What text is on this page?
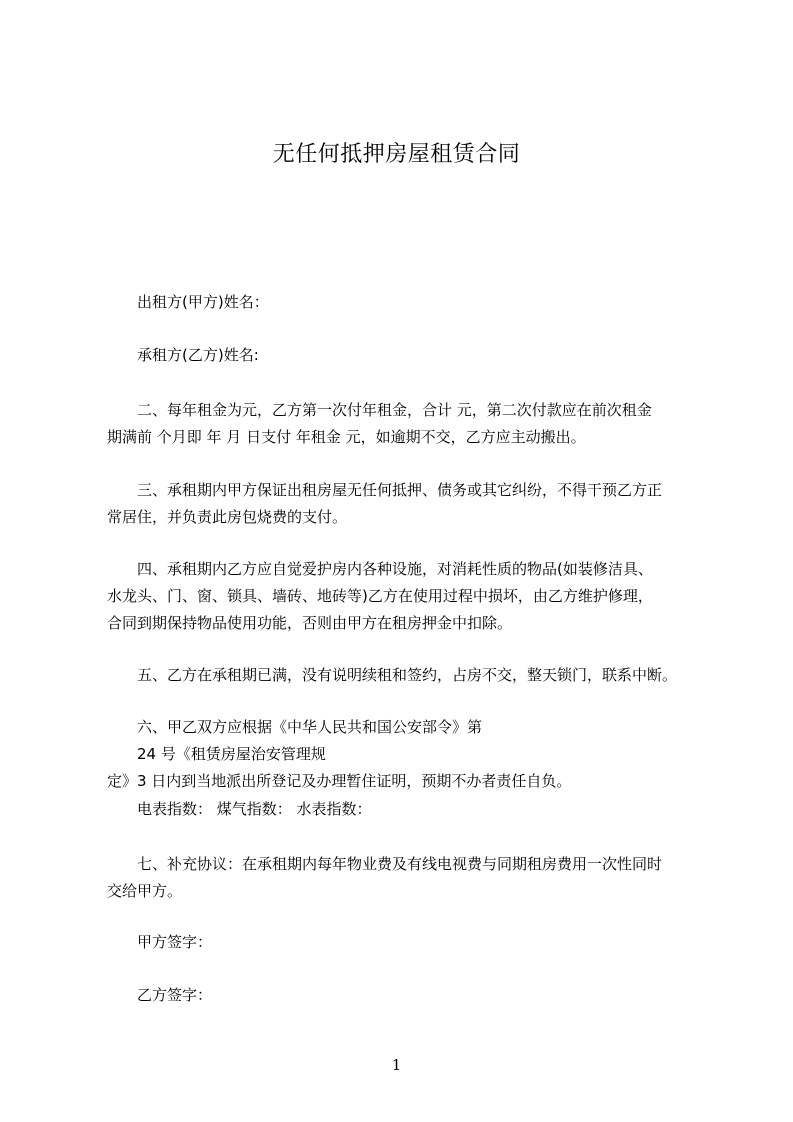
无任何抵押房屋租赁合同
出租方(甲方)姓名：
承租方(乙方)姓名:
二、每年租金为元，乙方第一次付年租金，合计 元，第二次付款应在前次租金
期满前 个月即 年 月 日支付 年租金 元，如逾期不交，乙方应主动搬出。
三、承租期内甲方保证出租房屋无任何抵押、债务或其它纠纷，不得干预乙方正
常居住，并负责此房包烧费的支付。
四、承租期内乙方应自觉爱护房内各种设施，对消耗性质的物品(如装修洁具、
水龙头、门、窗、锁具、墙砖、地砖等)乙方在使用过程中损坏，由乙方维护修理，
合同到期保持物品使用功能，否则由甲方在租房押金中扣除。
五、乙方在承租期已满，没有说明续租和签约，占房不交，整天锁门，联系中断。
六、甲乙双方应根据《中华人民共和国公安部令》第
24 号《租赁房屋治安管理规
定》3 日内到当地派出所登记及办理暂住证明，预期不办者责任自负。
电表指数： 煤气指数： 水表指数：
七、补充协议：在承租期内每年物业费及有线电视费与同期租房费用一次性同时
交给甲方。
甲方签字：
乙方签字：
1
